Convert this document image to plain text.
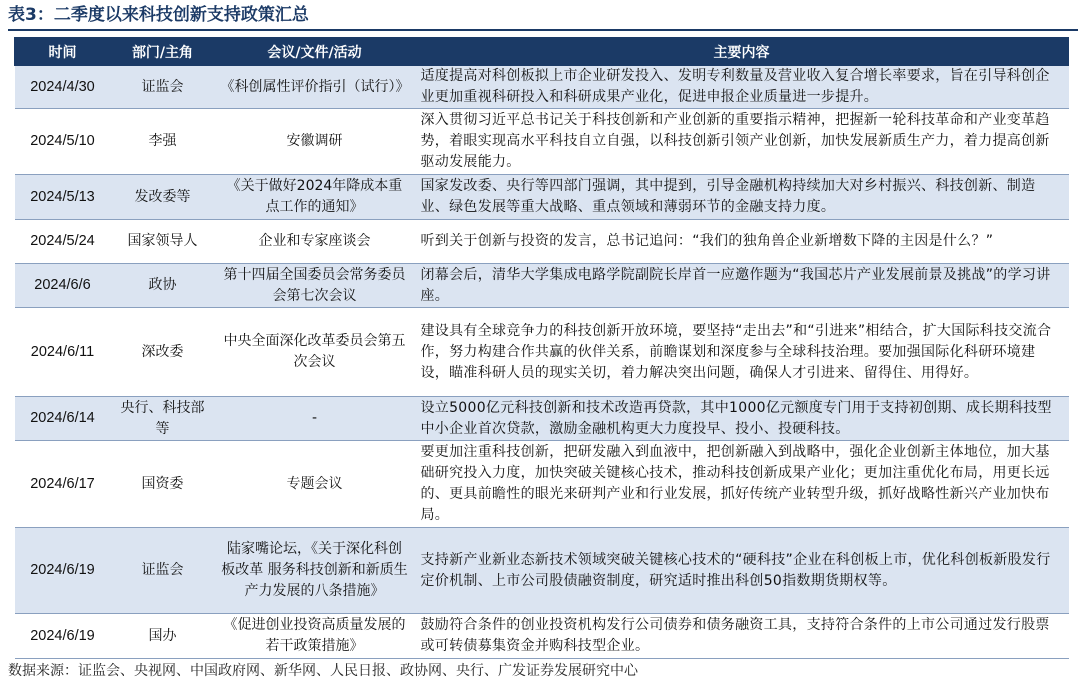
表3：二季度以来科技创新支持政策汇总
时间	部门/主角	会议/文件/活动	主要内容
2024/4/30	证监会	《科创属性评价指引（试行）》	适度提高对科创板拟上市企业研发投入、发明专利数量及营业收入复合增长率要求，旨在引导科创企业更加重视科研投入和科研成果产业化，促进申报企业质量进一步提升。
2024/5/10	李强	安徽调研	深入贯彻习近平总书记关于科技创新和产业创新的重要指示精神，把握新一轮科技革命和产业变革趋势，着眼实现高水平科技自立自强，以科技创新引领产业创新，加快发展新质生产力，着力提高创新驱动发展能力。
2024/5/13	发改委等	《关于做好2024年降成本重点工作的通知》	国家发改委、央行等四部门强调，其中提到，引导金融机构持续加大对乡村振兴、科技创新、制造业、绿色发展等重大战略、重点领域和薄弱环节的金融支持力度。
2024/5/24	国家领导人	企业和专家座谈会	听到关于创新与投资的发言，总书记追问：“我们的独角兽企业新增数下降的主因是什么？”
2024/6/6	政协	第十四届全国委员会常务委员会第七次会议	闭幕会后，清华大学集成电路学院副院长岸首一应邀作题为“我国芯片产业发展前景及挑战”的学习讲座。
2024/6/11	深改委	中央全面深化改革委员会第五次会议	建设具有全球竞争力的科技创新开放环境，要坚持“走出去”和“引进来”相结合，扩大国际科技交流合作，努力构建合作共赢的伙伴关系，前瞻谋划和深度参与全球科技治理。要加强国际化科研环境建设，瞄准科研人员的现实关切，着力解决突出问题，确保人才引进来、留得住、用得好。
2024/6/14	央行、科技部等	-	设立5000亿元科技创新和技术改造再贷款，其中1000亿元额度专门用于支持初创期、成长期科技型中小企业首次贷款，激励金融机构更大力度投早、投小、投硬科技。
2024/6/17	国资委	专题会议	要更加注重科技创新，把研发融入到血液中，把创新融入到战略中，强化企业创新主体地位，加大基础研究投入力度，加快突破关键核心技术，推动科技创新成果产业化；更加注重优化布局，用更长远的、更具前瞻性的眼光来研判产业和行业发展，抓好传统产业转型升级，抓好战略性新兴产业加快布局。
2024/6/19	证监会	陆家嘴论坛，《关于深化科创板改革 服务科技创新和新质生产力发展的八条措施》	支持新产业新业态新技术领域突破关键核心技术的“硬科技”企业在科创板上市，优化科创板新股发行定价机制、上市公司股债融资制度，研究适时推出科创50指数期货期权等。
2024/6/19	国办	《促进创业投资高质量发展的若干政策措施》	鼓励符合条件的创业投资机构发行公司债券和债务融资工具，支持符合条件的上市公司通过发行股票或可转债募集资金并购科技型企业。
数据来源：证监会、央视网、中国政府网、新华网、人民日报、政协网、央行、广发证券发展研究中心
